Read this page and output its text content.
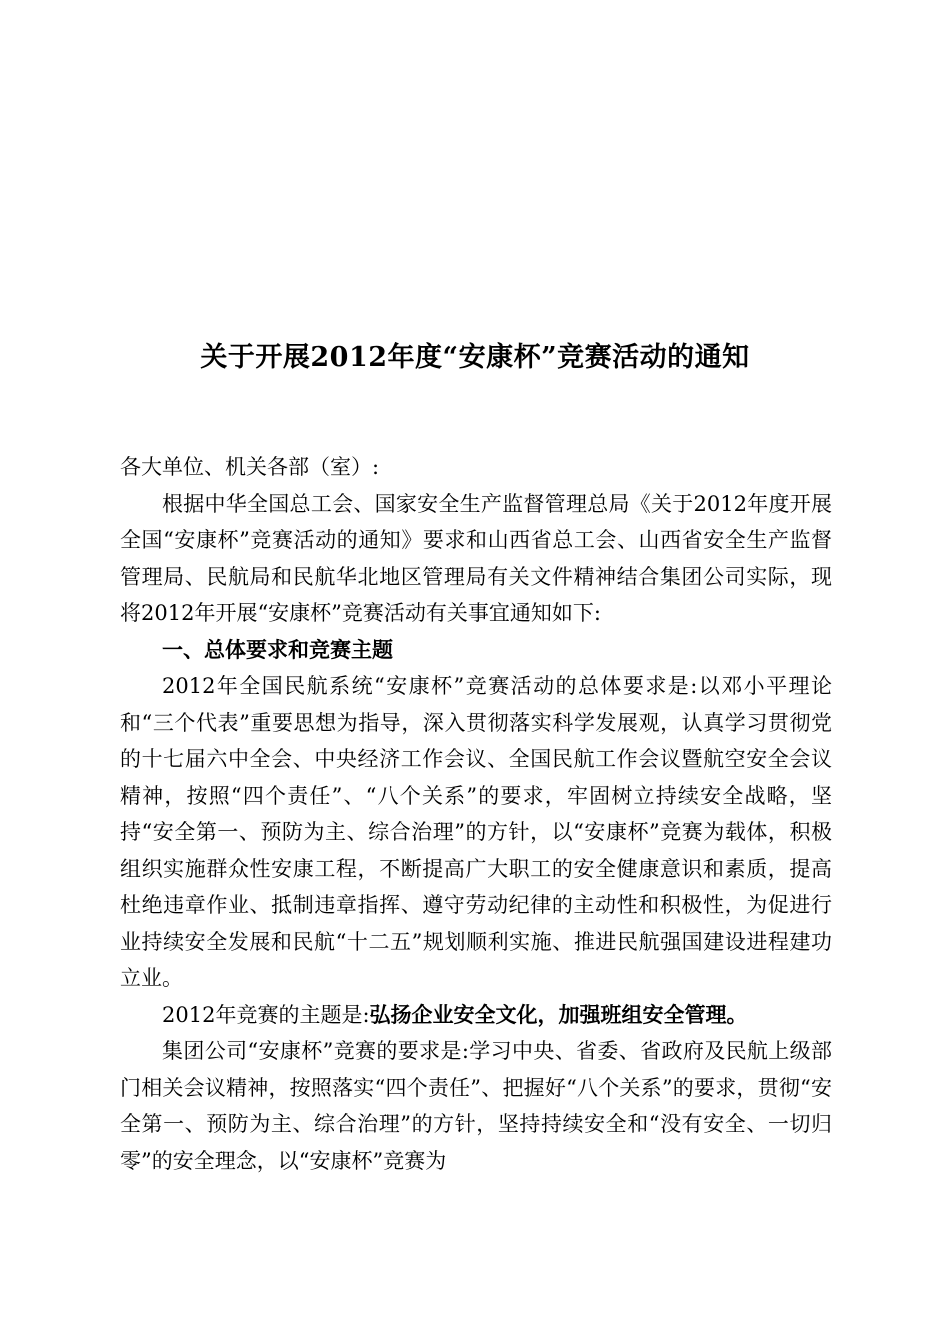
关于开展2012年度“安康杯”竞赛活动的通知

各大单位、机关各部（室）:

根据中华全国总工会、国家安全生产监督管理总局《关于2012年度开展全国“安康杯”竞赛活动的通知》要求和山西省总工会、山西省安全生产监督管理局、民航局和民航华北地区管理局有关文件精神结合集团公司实际，现将2012年开展“安康杯”竞赛活动有关事宜通知如下:

一、总体要求和竞赛主题

2012年全国民航系统“安康杯”竞赛活动的总体要求是:以邓小平理论和“三个代表”重要思想为指导，深入贯彻落实科学发展观，认真学习贯彻党的十七届六中全会、中央经济工作会议、全国民航工作会议暨航空安全会议精神，按照“四个责任”、“八个关系”的要求，牢固树立持续安全战略，坚持“安全第一、预防为主、综合治理”的方针，以“安康杯”竞赛为载体，积极组织实施群众性安康工程，不断提高广大职工的安全健康意识和素质，提高杜绝违章作业、抵制违章指挥、遵守劳动纪律的主动性和积极性，为促进行业持续安全发展和民航“十二五”规划顺利实施、推进民航强国建设进程建功立业。

2012年竞赛的主题是:弘扬企业安全文化，加强班组安全管理。

集团公司“安康杯”竞赛的要求是:学习中央、省委、省政府及民航上级部门相关会议精神，按照落实“四个责任”、把握好“八个关系”的要求，贯彻“安全第一、预防为主、综合治理”的方针，坚持持续安全和“没有安全、一切归零”的安全理念，以“安康杯”竞赛为
